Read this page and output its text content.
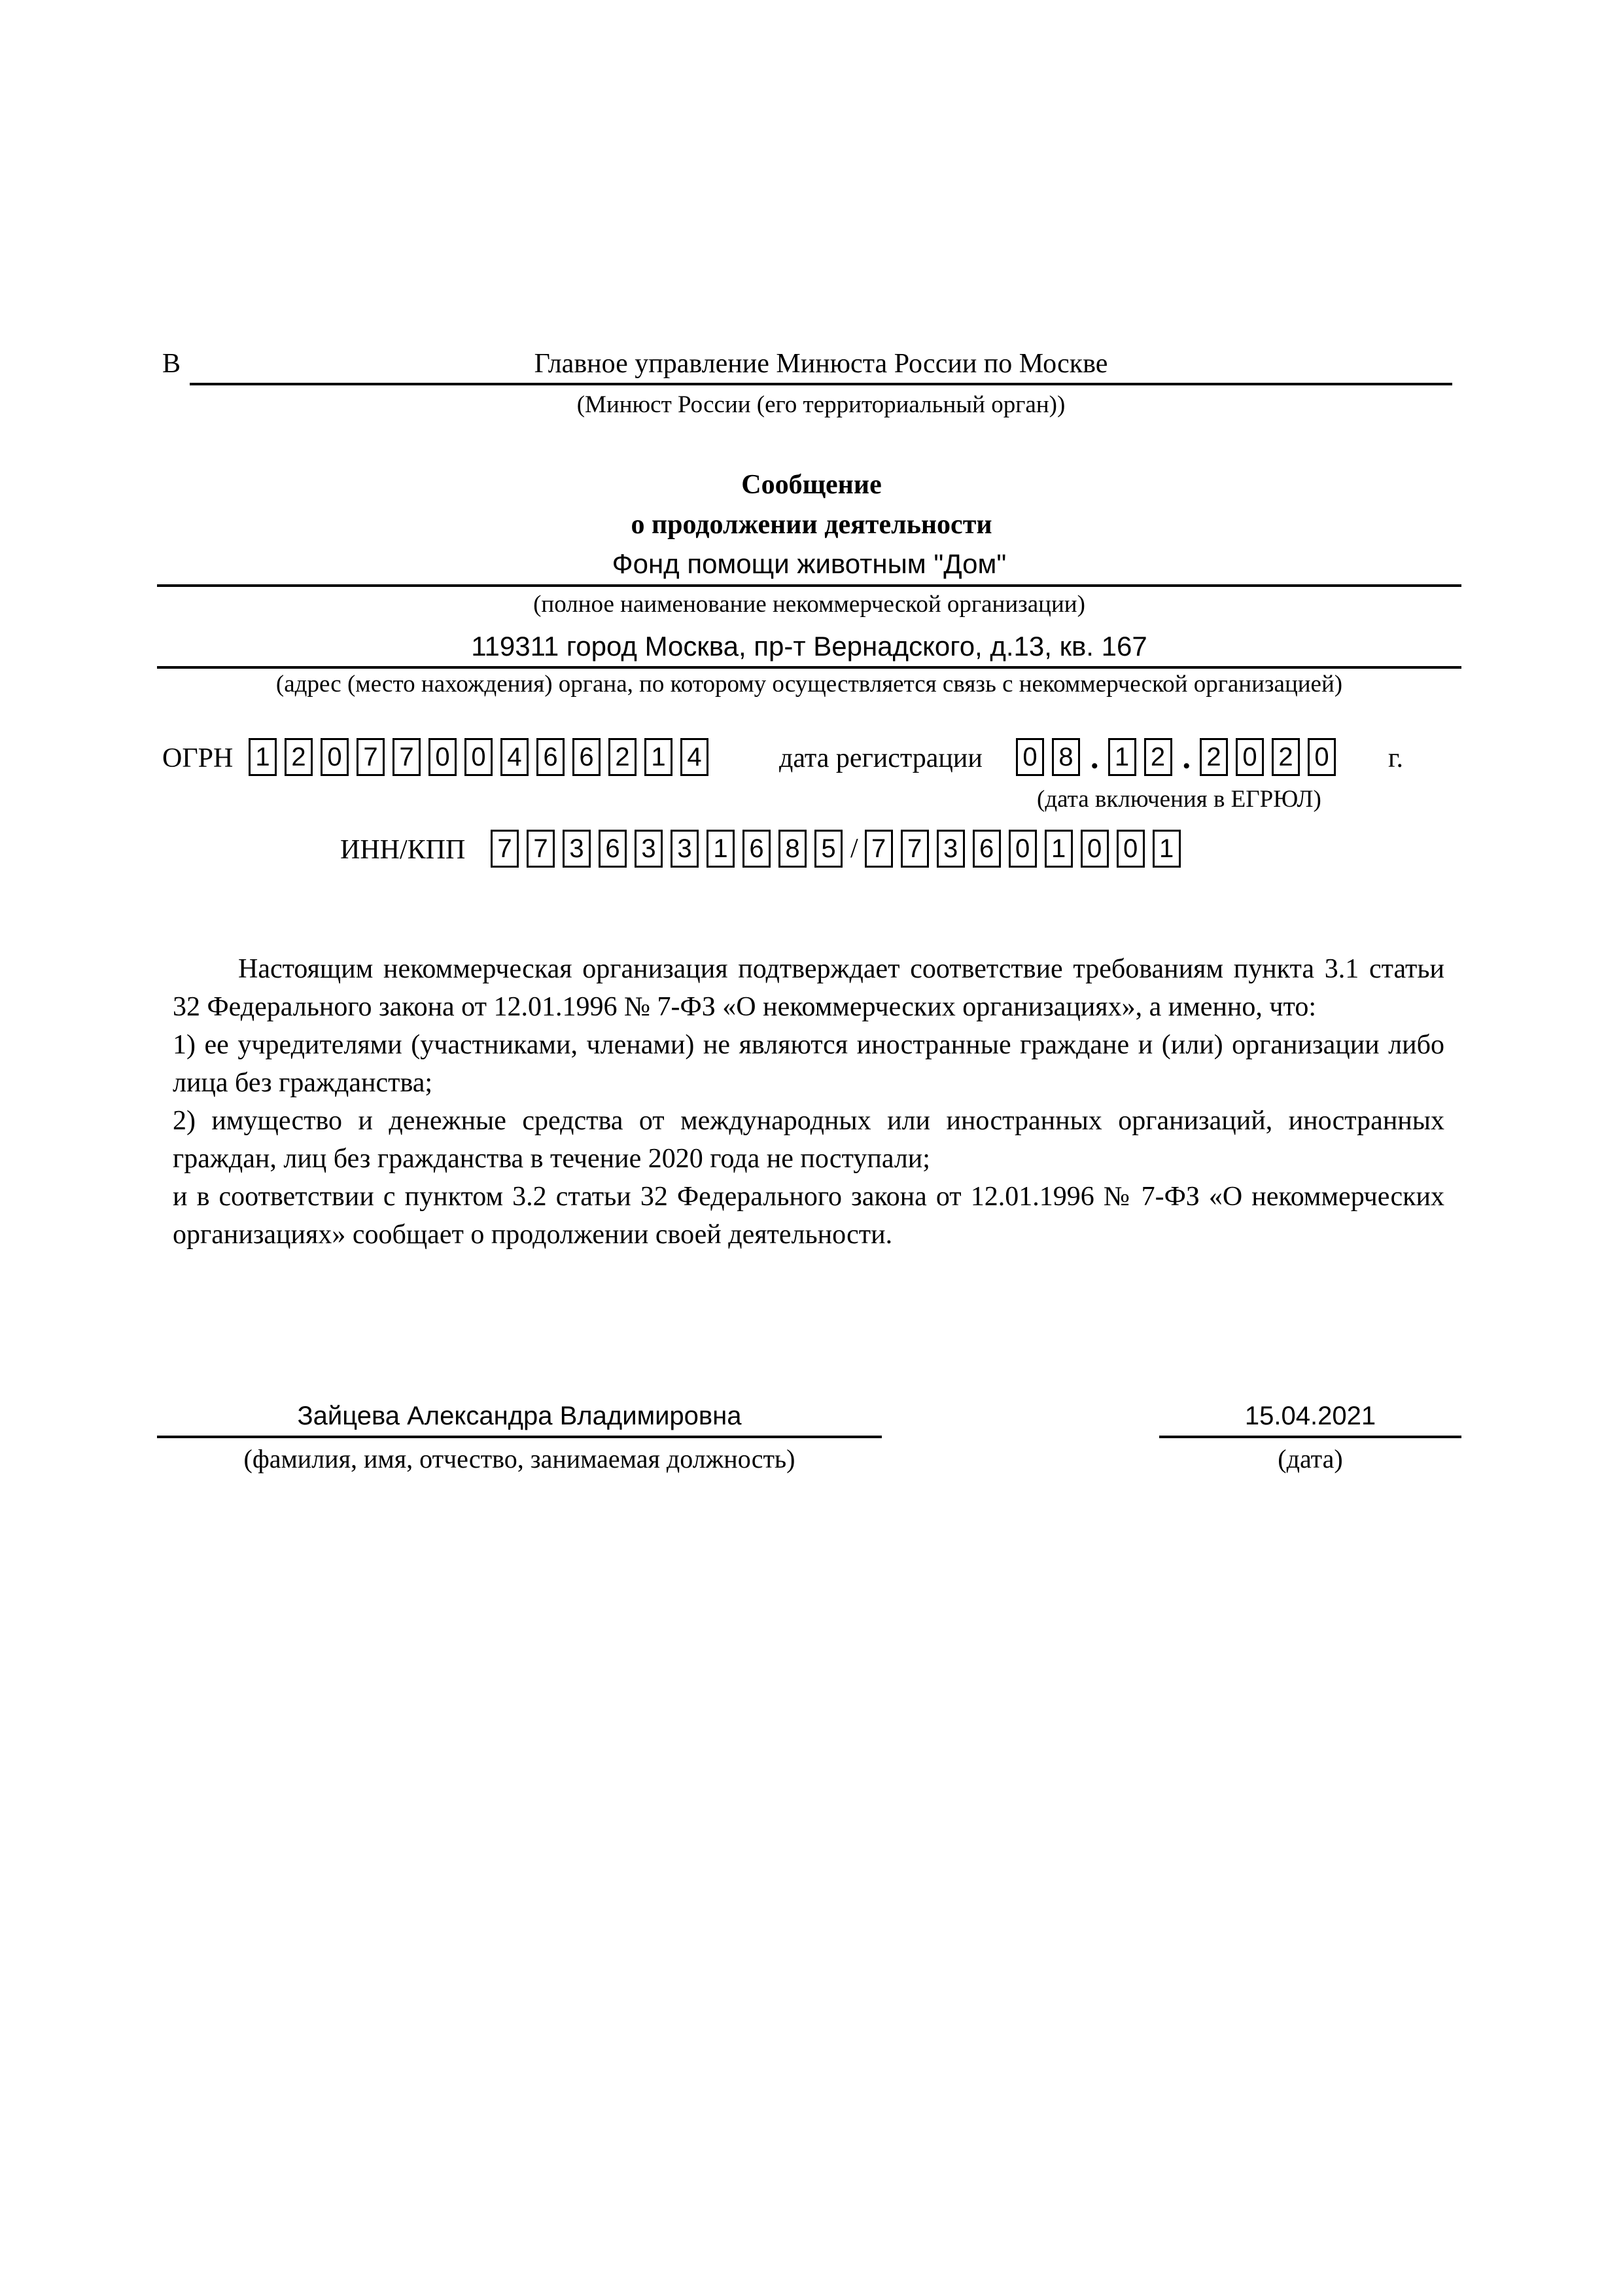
В	Главное управление Минюста России по Москве
(Минюст России (его территориальный орган))
Сообщение
о продолжении деятельности
Фонд помощи животным "Дом"
(полное наименование некоммерческой организации)
119311 город Москва, пр-т Вернадского, д.13, кв. 167
(адрес (место нахождения) органа, по которому осуществляется связь с некоммерческой организацией)
ОГРН 1 2 0 7 7 0 0 4 6 6 2 1 4	дата регистрации 0 8 . 1 2 . 2 0 2 0 г.
(дата включения в ЕГРЮЛ)
ИНН/КПП 7 7 3 6 3 3 1 6 8 5 / 7 7 3 6 0 1 0 0 1

Настоящим некоммерческая организация подтверждает соответствие требованиям пункта 3.1 статьи 32 Федерального закона от 12.01.1996 № 7-ФЗ «О некоммерческих организациях», а именно, что:

1) ее учредителями (участниками, членами) не являются иностранные граждане и (или) организации либо лица без гражданства;

2) имущество и денежные средства от международных или иностранных организаций, иностранных граждан, лиц без гражданства в течение 2020 года не поступали;

и в соответствии с пунктом 3.2 статьи 32 Федерального закона от 12.01.1996 № 7-ФЗ «О некоммерческих организациях» сообщает о продолжении своей деятельности.

Зайцева Александра Владимировна
(фамилия, имя, отчество, занимаемая должность)
15.04.2021
(дата)
